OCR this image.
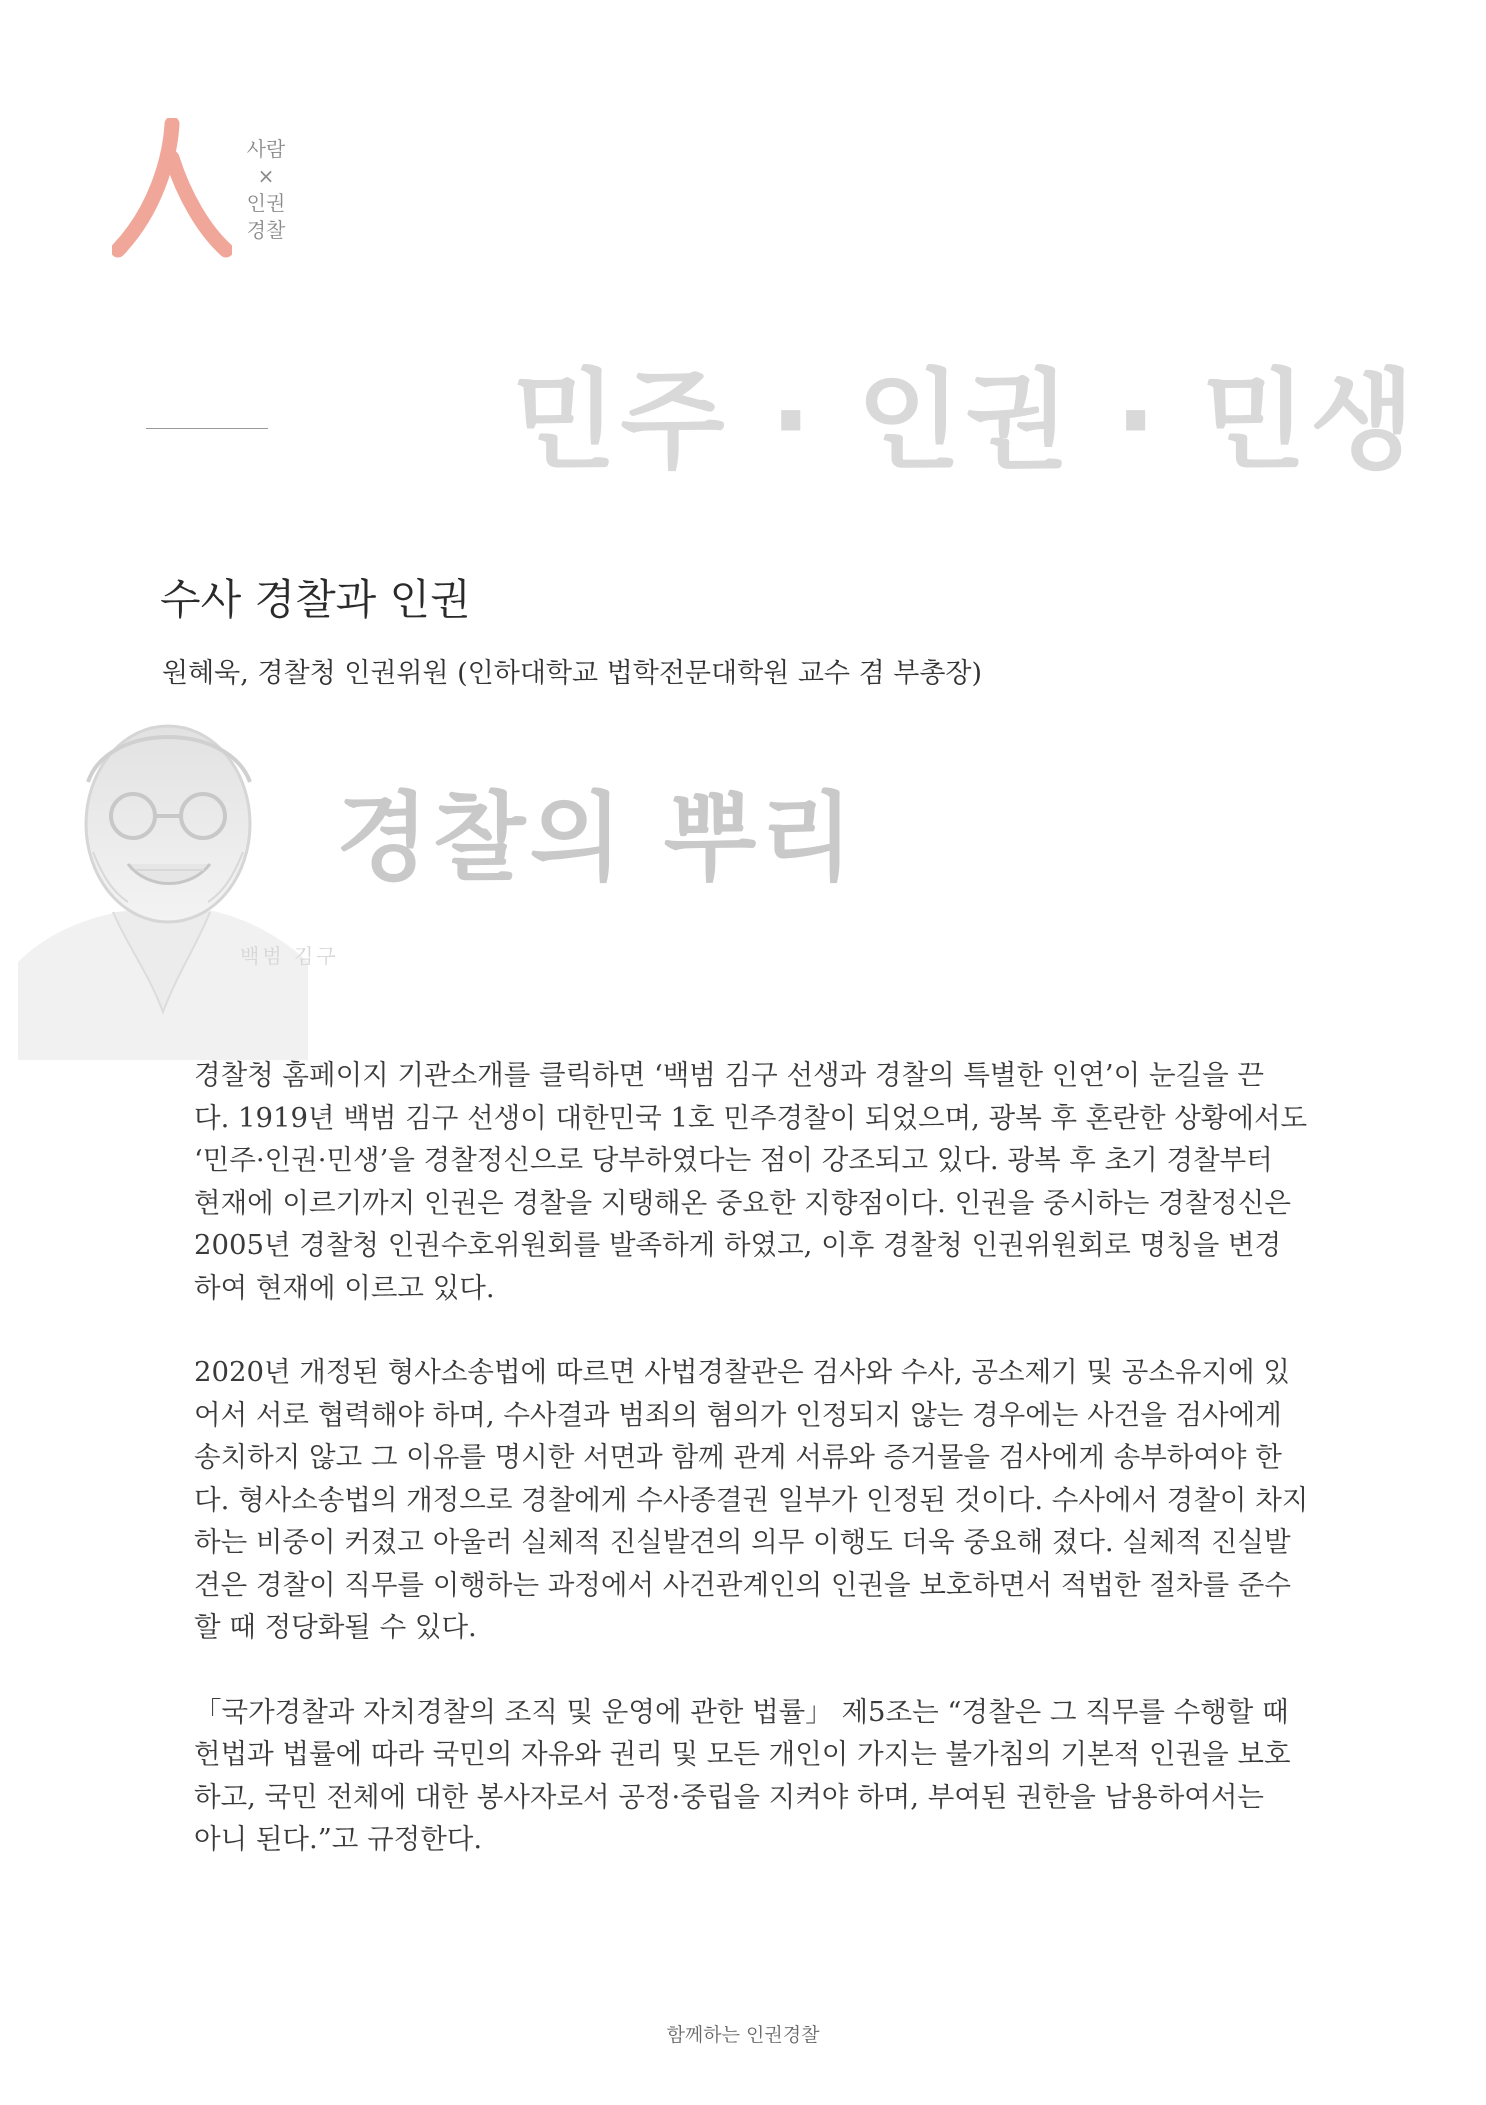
사람
×
인권
경찰
민주 · 인권 · 민생
수사 경찰과 인권
원혜욱, 경찰청 인권위원 (인하대학교 법학전문대학원 교수 겸 부총장)
경찰의 뿌리
백범 김구

경찰청 홈페이지 기관소개를 클릭하면 ‘백범 김구 선생과 경찰의 특별한 인연’이 눈길을 끈
다. 1919년 백범 김구 선생이 대한민국 1호 민주경찰이 되었으며, 광복 후 혼란한 상황에서도
‘민주·인권·민생’을 경찰정신으로 당부하였다는 점이 강조되고 있다. 광복 후 초기 경찰부터
현재에 이르기까지 인권은 경찰을 지탱해온 중요한 지향점이다. 인권을 중시하는 경찰정신은
2005년 경찰청 인권수호위원회를 발족하게 하였고, 이후 경찰청 인권위원회로 명칭을 변경
하여 현재에 이르고 있다.

2020년 개정된 형사소송법에 따르면 사법경찰관은 검사와 수사, 공소제기 및 공소유지에 있
어서 서로 협력해야 하며, 수사결과 범죄의 혐의가 인정되지 않는 경우에는 사건을 검사에게
송치하지 않고 그 이유를 명시한 서면과 함께 관계 서류와 증거물을 검사에게 송부하여야 한
다. 형사소송법의 개정으로 경찰에게 수사종결권 일부가 인정된 것이다. 수사에서 경찰이 차지
하는 비중이 커졌고 아울러 실체적 진실발견의 의무 이행도 더욱 중요해 졌다. 실체적 진실발
견은 경찰이 직무를 이행하는 과정에서 사건관계인의 인권을 보호하면서 적법한 절차를 준수
할 때 정당화될 수 있다.

「국가경찰과 자치경찰의 조직 및 운영에 관한 법률」 제5조는 “경찰은 그 직무를 수행할 때
헌법과 법률에 따라 국민의 자유와 권리 및 모든 개인이 가지는 불가침의 기본적 인권을 보호
하고, 국민 전체에 대한 봉사자로서 공정·중립을 지켜야 하며, 부여된 권한을 남용하여서는
아니 된다.”고 규정한다.

함께하는 인권경찰
